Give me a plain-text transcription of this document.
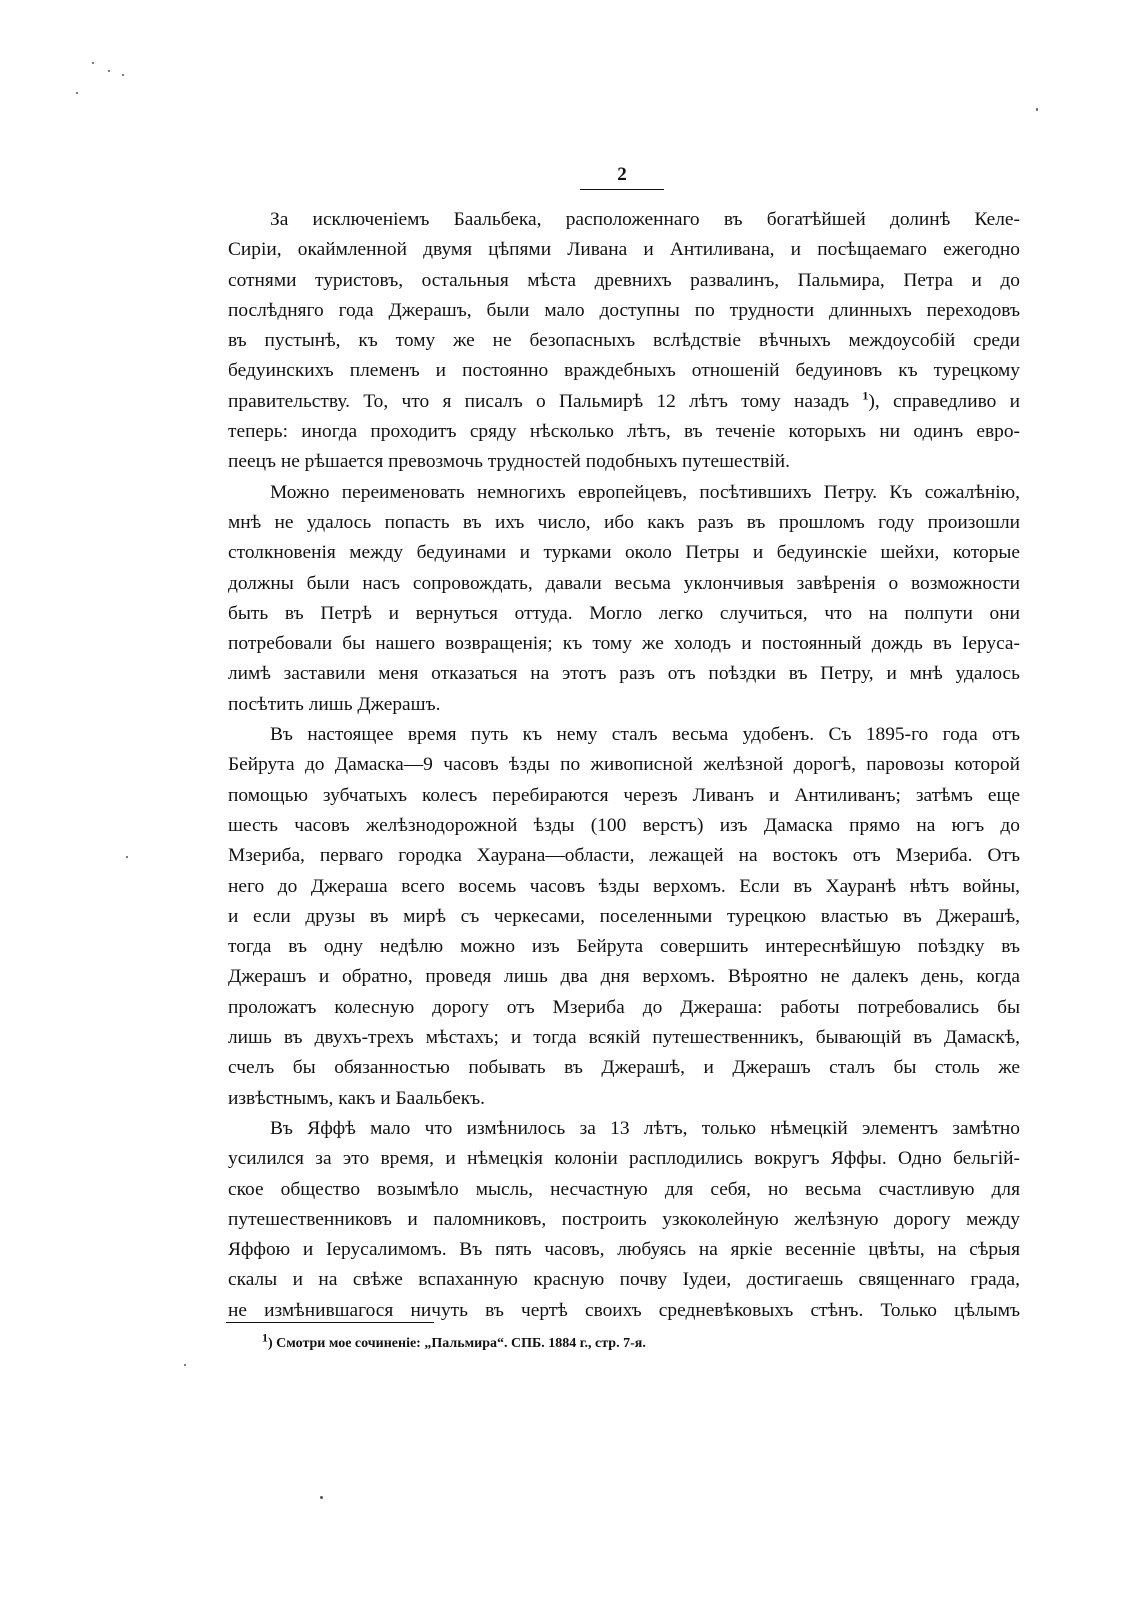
2
За исключеніемъ Баальбека, расположеннаго въ богатѣйшей долинѣ Келе-
Сиріи, окаймленной двумя цѣпями Ливана и Антиливана, и посѣщаемаго ежегодно
сотнями туристовъ, остальныя мѣста древнихъ развалинъ, Пальмира, Петра и до
послѣдняго года Джерашъ, были мало доступны по трудности длинныхъ переходовъ
въ пустынѣ, къ тому же не безопасныхъ вслѣдствіе вѣчныхъ междоусобій среди
бедуинскихъ племенъ и постоянно враждебныхъ отношеній бедуиновъ къ турецкому
правительству. То, что я писалъ о Пальмирѣ 12 лѣтъ тому назадъ $^1$), справедливо и
теперь: иногда проходитъ сряду нѣсколько лѣтъ, въ теченіе которыхъ ни одинъ евро-
пеецъ не рѣшается превозмочь трудностей подобныхъ путешествій.
Можно переименовать немногихъ европейцевъ, посѣтившихъ Петру. Къ сожалѣнію,
мнѣ не удалось попасть въ ихъ число, ибо какъ разъ въ прошломъ году произошли
столкновенія между бедуинами и турками около Петры и бедуинскіе шейхи, которые
должны были насъ сопровождать, давали весьма уклончивыя завѣренія о возможности
быть въ Петрѣ и вернуться оттуда. Могло легко случиться, что на полпути они
потребовали бы нашего возвращенія; къ тому же холодъ и постоянный дождь въ Іеруса-
лимѣ заставили меня отказаться на этотъ разъ отъ поѣздки въ Петру, и мнѣ удалось
посѣтить лишь Джерашъ.
Въ настоящее время путь къ нему сталъ весьма удобенъ. Съ 1895-го года отъ
Бейрута до Дамаска—9 часовъ ѣзды по живописной желѣзной дорогѣ, паровозы которой
помощью зубчатыхъ колесъ перебираются черезъ Ливанъ и Антиливанъ; затѣмъ еще
шесть часовъ желѣзнодорожной ѣзды (100 верстъ) изъ Дамаска прямо на югъ до
Мзериба, перваго городка Хаурана—области, лежащей на востокъ отъ Мзериба. Отъ
него до Джераша всего восемь часовъ ѣзды верхомъ. Если въ Хауранѣ нѣтъ войны,
и если друзы въ мирѣ съ черкесами, поселенными турецкою властью въ Джерашѣ,
тогда въ одну недѣлю можно изъ Бейрута совершить интереснѣйшую поѣздку въ
Джерашъ и обратно, проведя лишь два дня верхомъ. Вѣроятно не далекъ день, когда
проложатъ колесную дорогу отъ Мзериба до Джераша: работы потребовались бы
лишь въ двухъ-трехъ мѣстахъ; и тогда всякій путешественникъ, бывающій въ Дамаскѣ,
счелъ бы обязанностью побывать въ Джерашѣ, и Джерашъ сталъ бы столь же
извѣстнымъ, какъ и Баальбекъ.
Въ Яффѣ мало что измѣнилось за 13 лѣтъ, только нѣмецкій элементъ замѣтно
усилился за это время, и нѣмецкія колоніи расплодились вокругъ Яффы. Одно бельгій-
ское общество возымѣло мысль, несчастную для себя, но весьма счастливую для
путешественниковъ и паломниковъ, построить узкоколейную желѣзную дорогу между
Яффою и Іерусалимомъ. Въ пять часовъ, любуясь на яркіе весенніе цвѣты, на сѣрыя
скалы и на свѣже вспаханную красную почву Іудеи, достигаешь священнаго града,
не измѣнившагося ничуть въ чертѣ своихъ средневѣковыхъ стѣнъ. Только цѣлымъ
1) Смотри мое сочиненіе: „Пальмира“. СПБ. 1884 г., стр. 7-я.
